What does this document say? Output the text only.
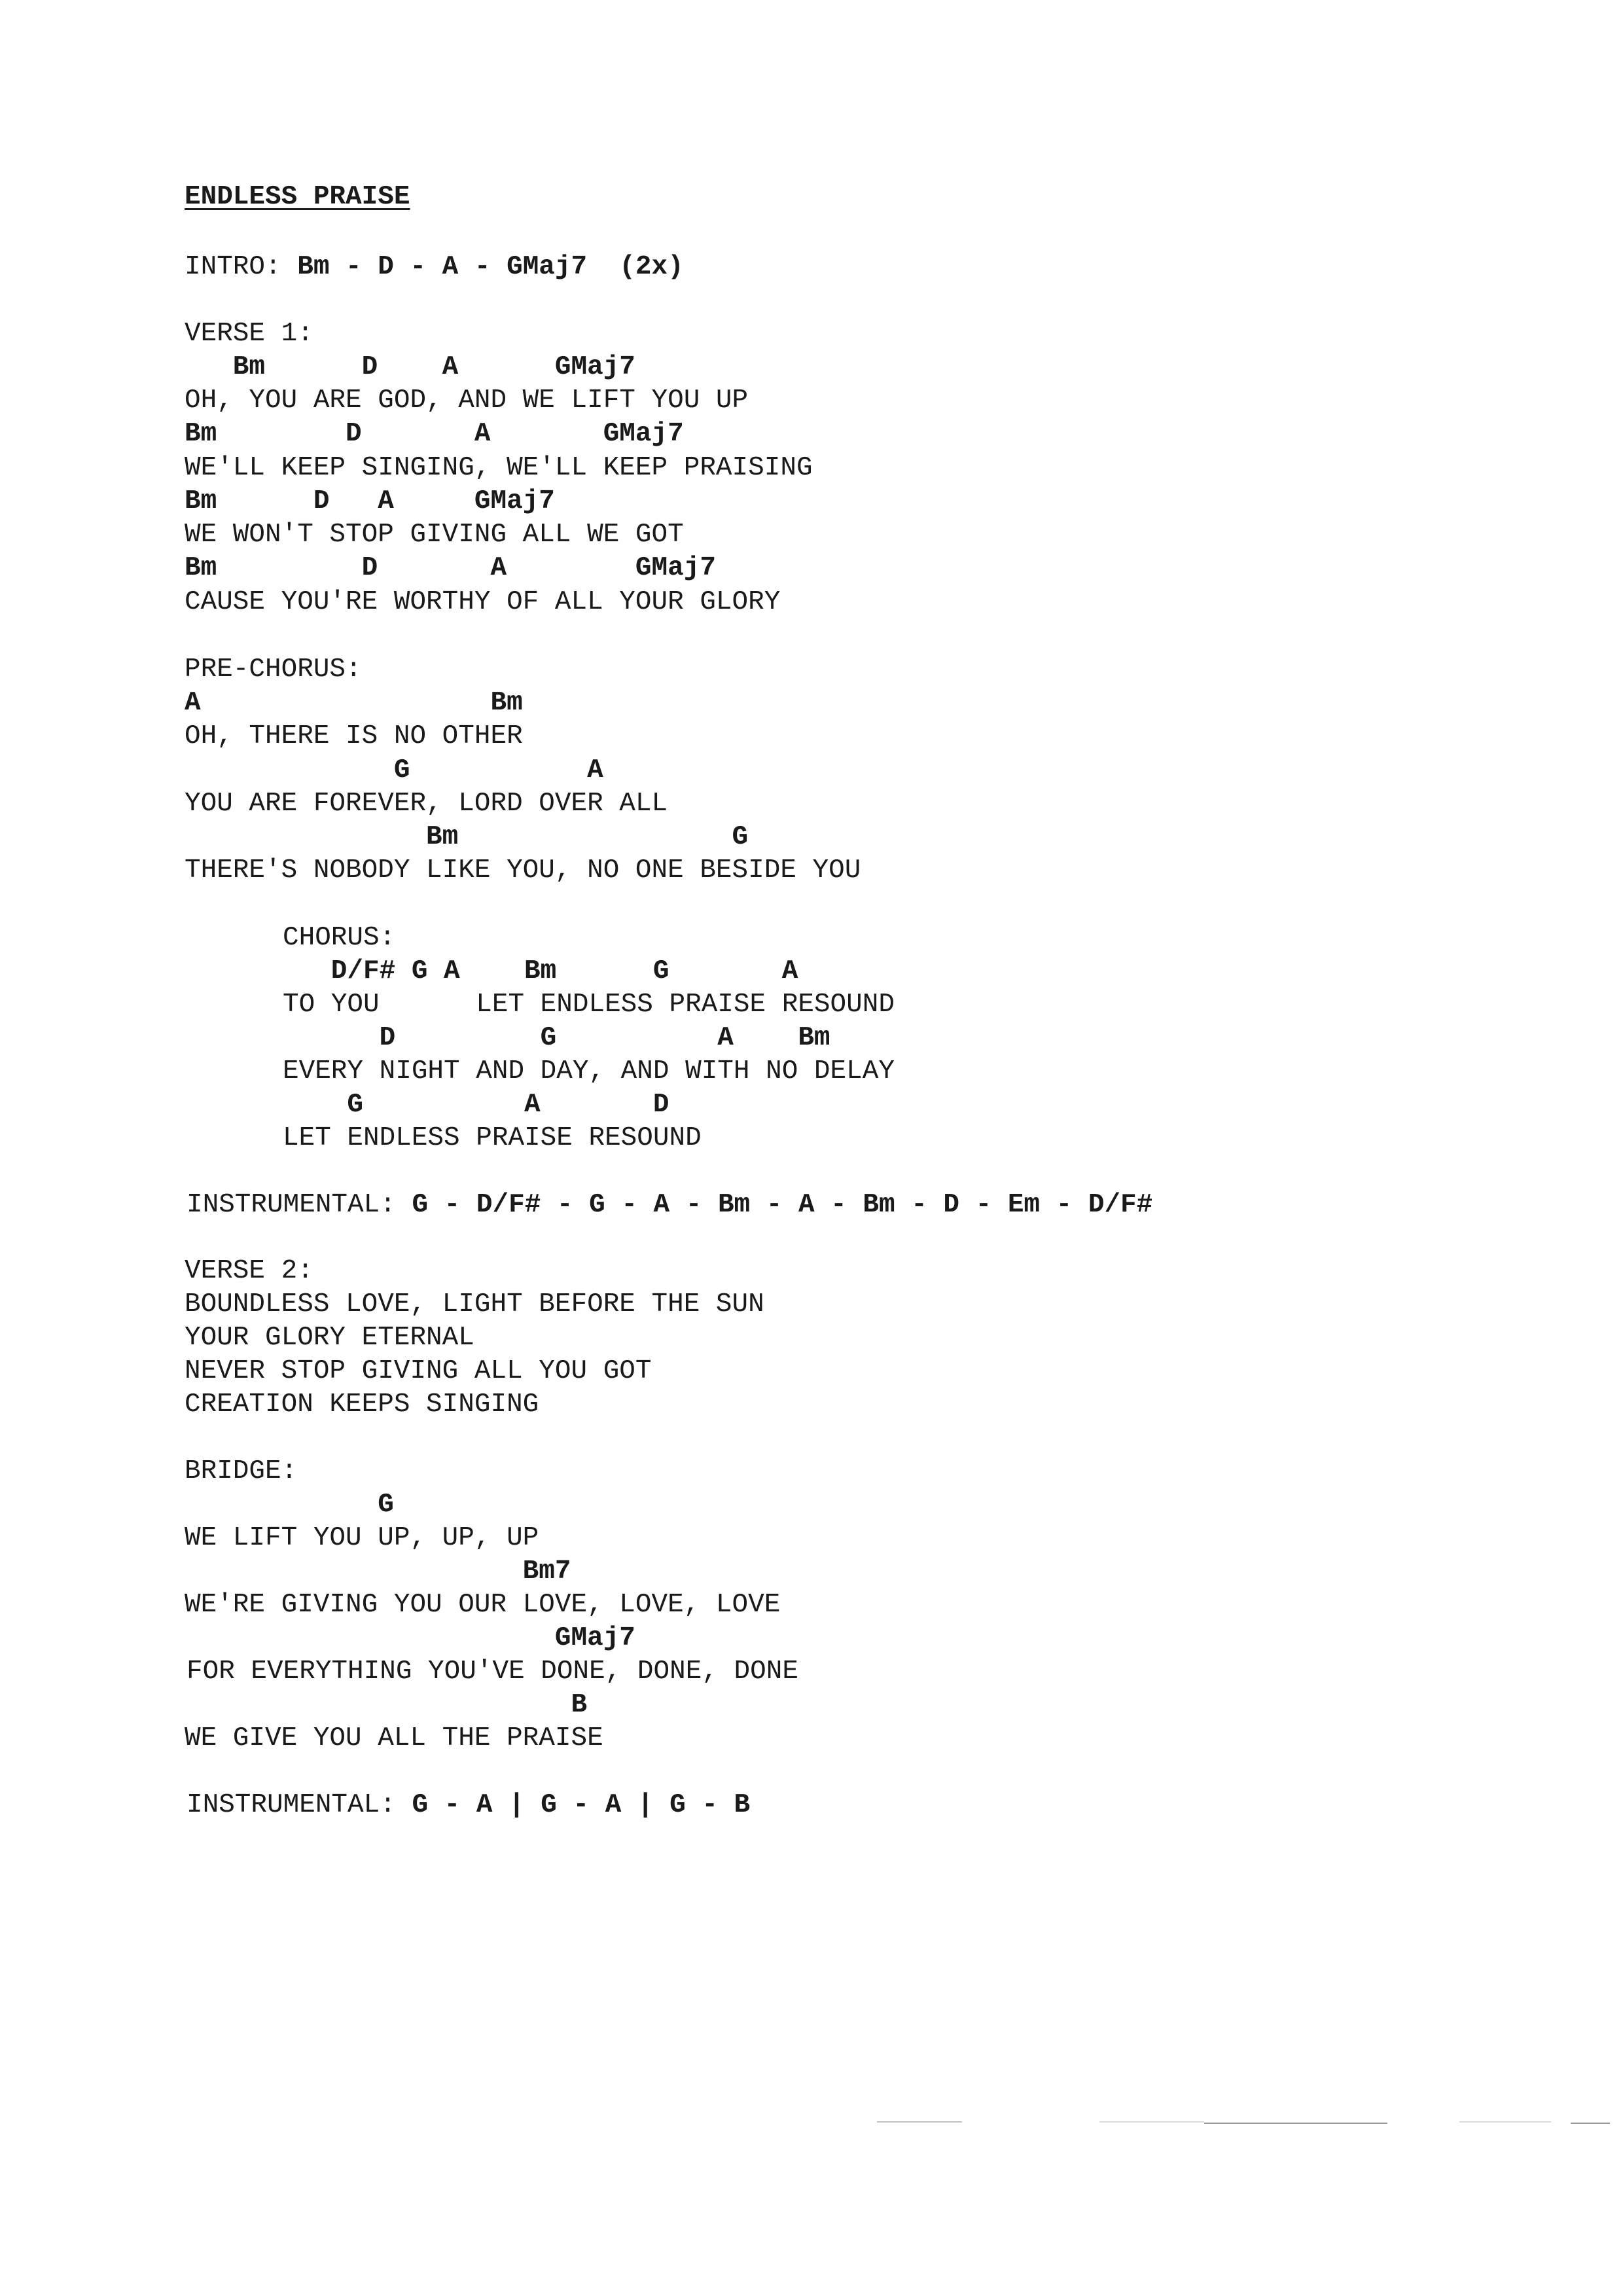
ENDLESS PRAISE
INTRO: Bm - D - A - GMaj7  (2x)
VERSE 1:
Bm      D    A      GMaj7
OH, YOU ARE GOD, AND WE LIFT YOU UP
Bm        D       A       GMaj7
WE'LL KEEP SINGING, WE'LL KEEP PRAISING
Bm      D   A     GMaj7
WE WON'T STOP GIVING ALL WE GOT
Bm         D       A        GMaj7
CAUSE YOU'RE WORTHY OF ALL YOUR GLORY
PRE-CHORUS:
A                  Bm
OH, THERE IS NO OTHER
G           A
YOU ARE FOREVER, LORD OVER ALL
Bm                 G
THERE'S NOBODY LIKE YOU, NO ONE BESIDE YOU
CHORUS:
D/F# G A    Bm      G       A
TO YOU      LET ENDLESS PRAISE RESOUND
D         G          A    Bm
EVERY NIGHT AND DAY, AND WITH NO DELAY
G          A       D
LET ENDLESS PRAISE RESOUND
INSTRUMENTAL: G - D/F# - G - A - Bm - A - Bm - D - Em - D/F#
VERSE 2:
BOUNDLESS LOVE, LIGHT BEFORE THE SUN
YOUR GLORY ETERNAL
NEVER STOP GIVING ALL YOU GOT
CREATION KEEPS SINGING
BRIDGE:
G
WE LIFT YOU UP, UP, UP
Bm7
WE'RE GIVING YOU OUR LOVE, LOVE, LOVE
GMaj7
FOR EVERYTHING YOU'VE DONE, DONE, DONE
B
WE GIVE YOU ALL THE PRAISE
INSTRUMENTAL: G - A | G - A | G - B
